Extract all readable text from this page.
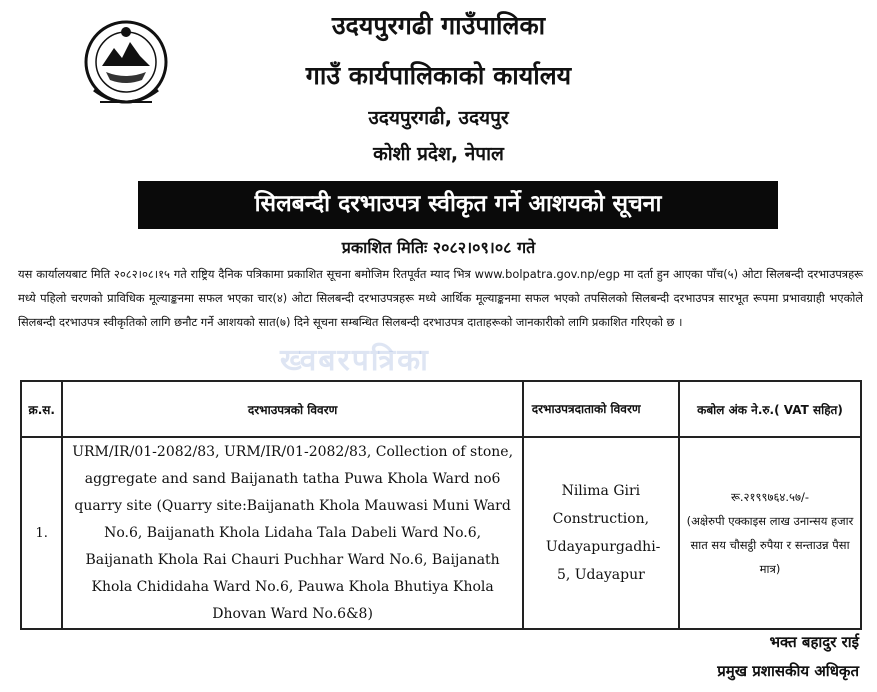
उदयपुरगढी गाउँपालिका
गाउँ कार्यपालिकाको कार्यालय
उदयपुरगढी, उदयपुर
कोशी प्रदेश, नेपाल
सिलबन्दी दरभाउपत्र स्वीकृत गर्ने आशयको सूचना
प्रकाशित मितिः २०८२।०९।०८ गते
यस कार्यालयबाट मिति २०८२।०८।१५ गते राष्ट्रिय दैनिक पत्रिकामा प्रकाशित सूचना बमोजिम रितपूर्वत म्याद भित्र www.bolpatra.gov.np/egp मा दर्ता हुन आएका पाँच(५) ओटा सिलबन्दी दरभाउपत्रहरू मध्ये पहिलो चरणको प्राविधिक मूल्याङ्कनमा सफल भएका चार(४) ओटा सिलबन्दी दरभाउपत्रहरू मध्ये आर्थिक मूल्याङ्कनमा सफल भएको तपसिलको सिलबन्दी दरभाउपत्र सारभूत रूपमा प्रभावग्राही भएकोले सिलबन्दी दरभाउपत्र स्वीकृतिको लागि छनौट गर्ने आशयको सात(७) दिने सूचना सम्बन्धित सिलबन्दी दरभाउपत्र दाताहरूको जानकारीको लागि प्रकाशित गरिएको छ ।
ख्वबरपत्रिका
क्र.स.	दरभाउपत्रको विवरण	दरभाउपत्रदाताको विवरण	कबोल अंक ने.रु.( VAT सहित)
1.	URM/IR/01-2082/83, URM/IR/01-2082/83, Collection of stone, aggregate and sand Baijanath tatha Puwa Khola Ward no6 quarry site (Quarry site:Baijanath Khola Mauwasi Muni Ward No.6, Baijanath Khola Lidaha Tala Dabeli Ward No.6, Baijanath Khola Rai Chauri Puchhar Ward No.6, Baijanath Khola Chididaha Ward No.6, Pauwa Khola Bhutiya Khola Dhovan Ward No.6&8)	Nilima Giri Construction, Udayapurgadhi-5, Udayapur	रू.२१९९७६४.५७/-
(अक्षेरुपी एक्काइस लाख उनान्सय हजार सात सय चौसट्ठी रुपैया र सन्ताउन्न पैसा मात्र)
भक्त बहादुर राई
प्रमुख प्रशासकीय अधिकृत
